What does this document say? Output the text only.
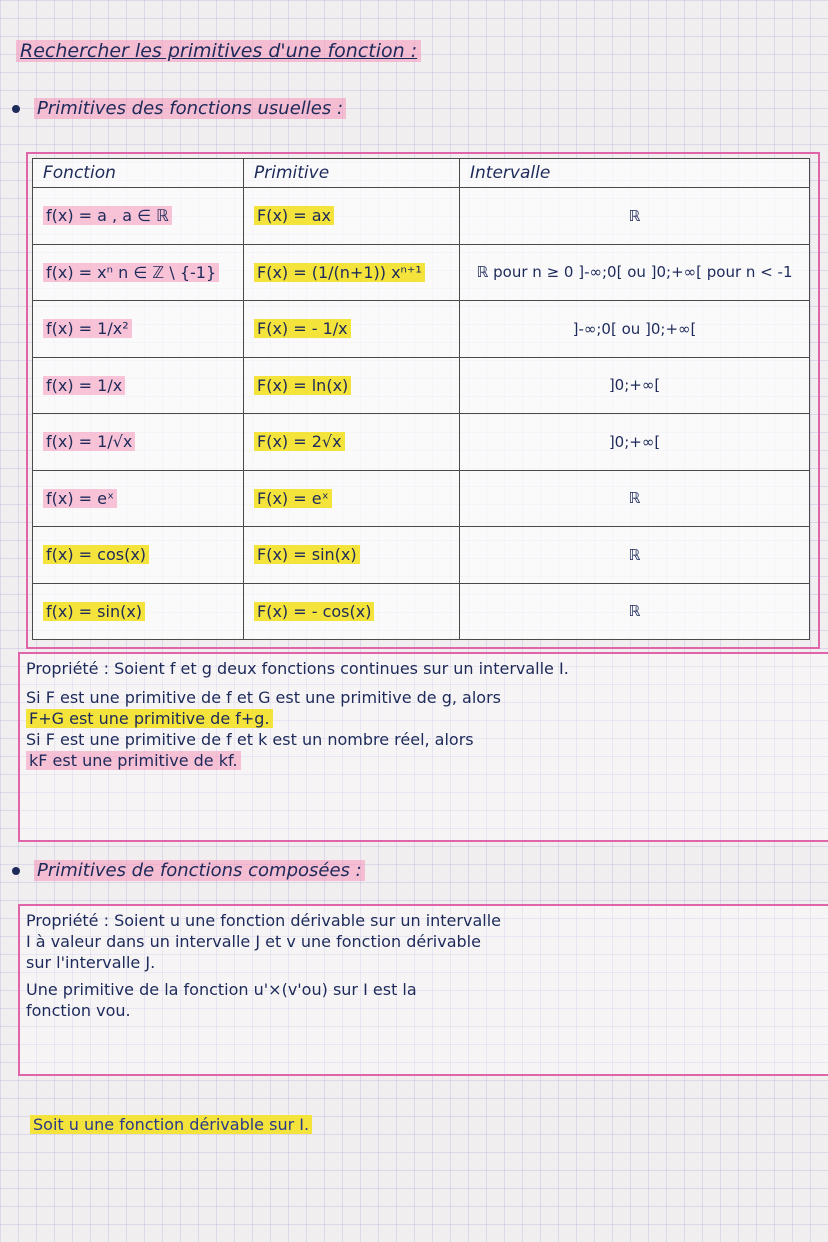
Rechercher les primitives d'une fonction :
Primitives des fonctions usuelles :
Fonction	Primitive	Intervalle
f(x) = a , a ∈ ℝ	F(x) = ax	ℝ
f(x) = xⁿ n ∈ ℤ \ {-1}	F(x) = (1/(n+1)) xⁿ⁺¹	ℝ pour n ≥ 0 ]-∞;0[ ou ]0;+∞[ pour n < -1
f(x) = 1/x²	F(x) = - 1/x	]-∞;0[ ou ]0;+∞[
f(x) = 1/x	F(x) = ln(x)	]0;+∞[
f(x) = 1/√x	F(x) = 2√x	]0;+∞[
f(x) = eˣ	F(x) = eˣ	ℝ
f(x) = cos(x)	F(x) = sin(x)	ℝ
f(x) = sin(x)	F(x) = - cos(x)	ℝ

Propriété : Soient f et g deux fonctions continues sur un intervalle I.

Si F est une primitive de f et G est une primitive de g, alors

F+G est une primitive de f+g.

Si F est une primitive de f et k est un nombre réel, alors

kF est une primitive de kf.

Primitives de fonctions composées :

Propriété : Soient u une fonction dérivable sur un intervalle

I à valeur dans un intervalle J et v une fonction dérivable

sur l'intervalle J.

Une primitive de la fonction u'×(v'ou) sur I est la

fonction vou.

Soit u une fonction dérivable sur I.
